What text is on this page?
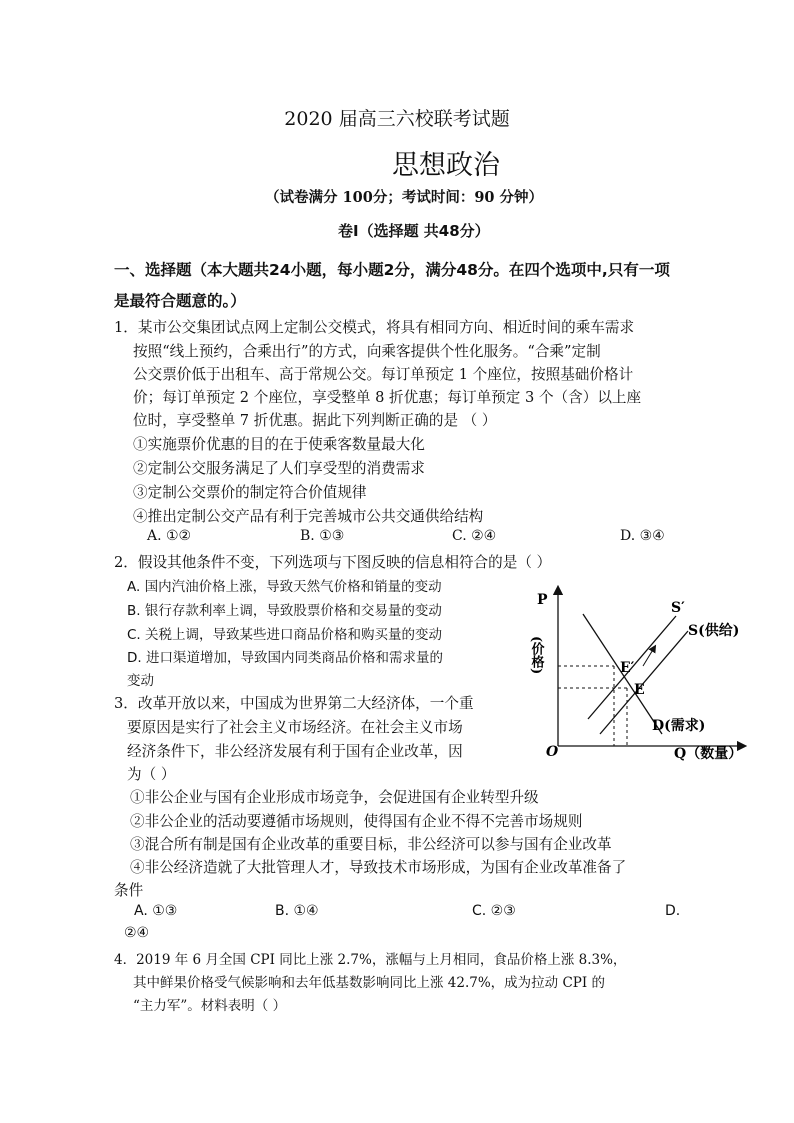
2020 届高三六校联考试题
思想政治
（试卷满分 100分；考试时间：90 分钟）
卷Ⅰ（选择题 共48分）
一、选择题（本大题共24小题，每小题2分，满分48分。在四个选项中,只有一项
是最符合题意的。）
1．某市公交集团试点网上定制公交模式，将具有相同方向、相近时间的乘车需求
按照“线上预约，合乘出行”的方式，向乘客提供个性化服务。“合乘”定制
公交票价低于出租车、高于常规公交。每订单预定 1 个座位，按照基础价格计
价；每订单预定 2 个座位，享受整单 8 折优惠；每订单预定 3 个（含）以上座
位时，享受整单 7 折优惠。据此下列判断正确的是 （ ）
①实施票价优惠的目的在于使乘客数量最大化
②定制公交服务满足了人们享受型的消费需求
③定制公交票价的制定符合价值规律
④推出定制公交产品有利于完善城市公共交通供给结构
A. ①②	B. ①③	C. ②④	D. ③④
2．假设其他条件不变，下列选项与下图反映的信息相符合的是（ ）
A. 国内汽油价格上涨，导致天然气价格和销量的变动
B. 银行存款利率上调，导致股票价格和交易量的变动
C. 关税上调，导致某些进口商品价格和购买量的变动
D. 进口渠道增加，导致国内同类商品价格和需求量的
变动
P
(价格)
O	Q（数量）
S′
S(供给)
E′
E
D(需求)
3．改革开放以来，中国成为世界第二大经济体，一个重
要原因是实行了社会主义市场经济。在社会主义市场
经济条件下，非公经济发展有利于国有企业改革，因
为（ ）
①非公企业与国有企业形成市场竞争，会促进国有企业转型升级
②非公企业的活动要遵循市场规则，使得国有企业不得不完善市场规则
③混合所有制是国有企业改革的重要目标，非公经济可以参与国有企业改革
④非公经济造就了大批管理人才，导致技术市场形成，为国有企业改革准备了
条件
A. ①③	B. ①④	C. ②③	D.
②④
4．2019 年 6 月全国 CPI 同比上涨 2.7%，涨幅与上月相同，食品价格上涨 8.3%，
其中鲜果价格受气候影响和去年低基数影响同比上涨 42.7%，成为拉动 CPI 的
“主力军”。材料表明（ ）
